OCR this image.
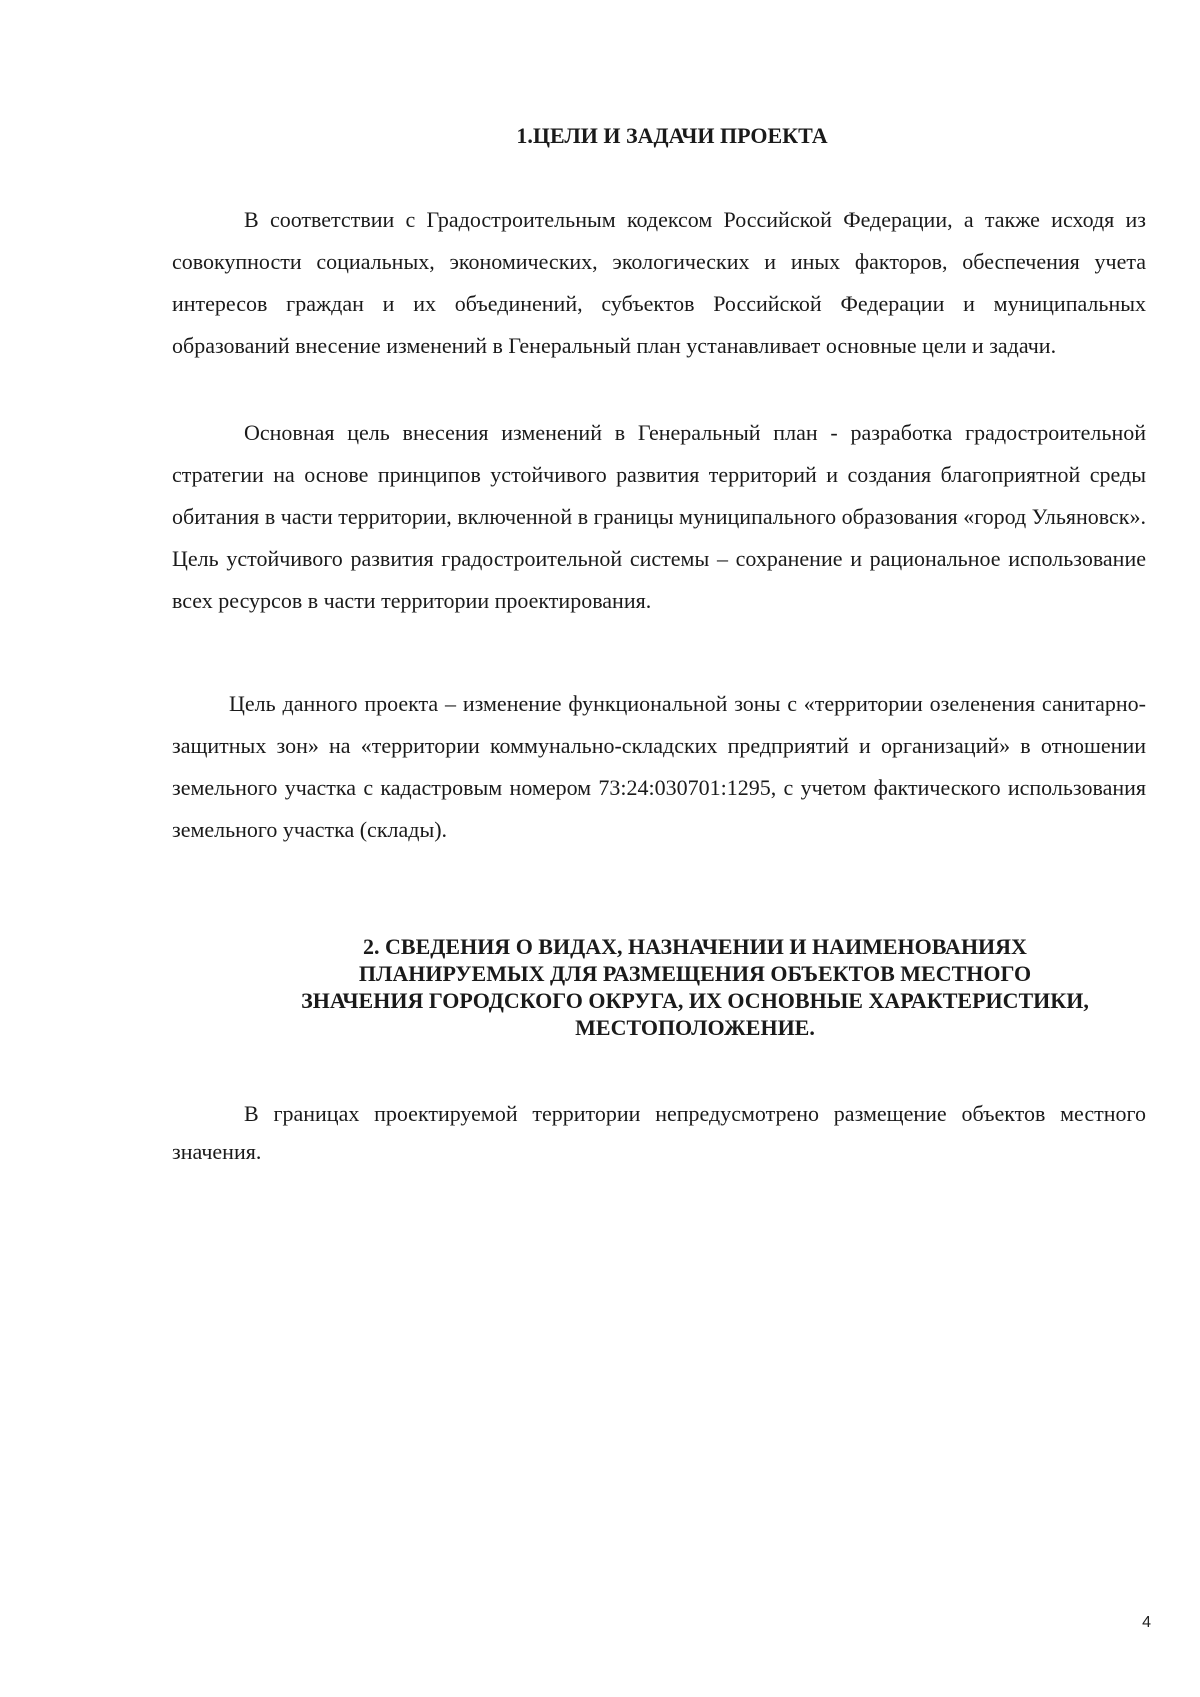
1.ЦЕЛИ И ЗАДАЧИ ПРОЕКТА

В соответствии с Градостроительным кодексом Российской Федерации, а также исходя из совокупности социальных, экономических, экологических и иных факторов, обеспечения учета интересов граждан и их объединений, субъектов Российской Федерации и муниципальных образований внесение изменений в Генеральный план устанавливает основные цели и задачи.

Основная цель внесения изменений в Генеральный план - разработка градостроительной стратегии на основе принципов устойчивого развития территорий и создания благоприятной среды обитания в части территории, включенной в границы муниципального образования «город Ульяновск». Цель устойчивого развития градостроительной системы – сохранение и рациональное использование всех ресурсов в части территории проектирования.

Цель данного проекта – изменение функциональной зоны с «территории озеленения санитарно-защитных зон» на «территории коммунально-складских предприятий и организаций» в отношении земельного участка с кадастровым номером 73:24:030701:1295, с учетом фактического использования земельного участка (склады).

2. СВЕДЕНИЯ О ВИДАХ, НАЗНАЧЕНИИ И НАИМЕНОВАНИЯХ
ПЛАНИРУЕМЫХ ДЛЯ РАЗМЕЩЕНИЯ ОБЪЕКТОВ МЕСТНОГО
ЗНАЧЕНИЯ ГОРОДСКОГО ОКРУГА, ИХ ОСНОВНЫЕ ХАРАКТЕРИСТИКИ,
МЕСТОПОЛОЖЕНИЕ.

В границах проектируемой территории непредусмотрено размещение объектов местного значения.

4
